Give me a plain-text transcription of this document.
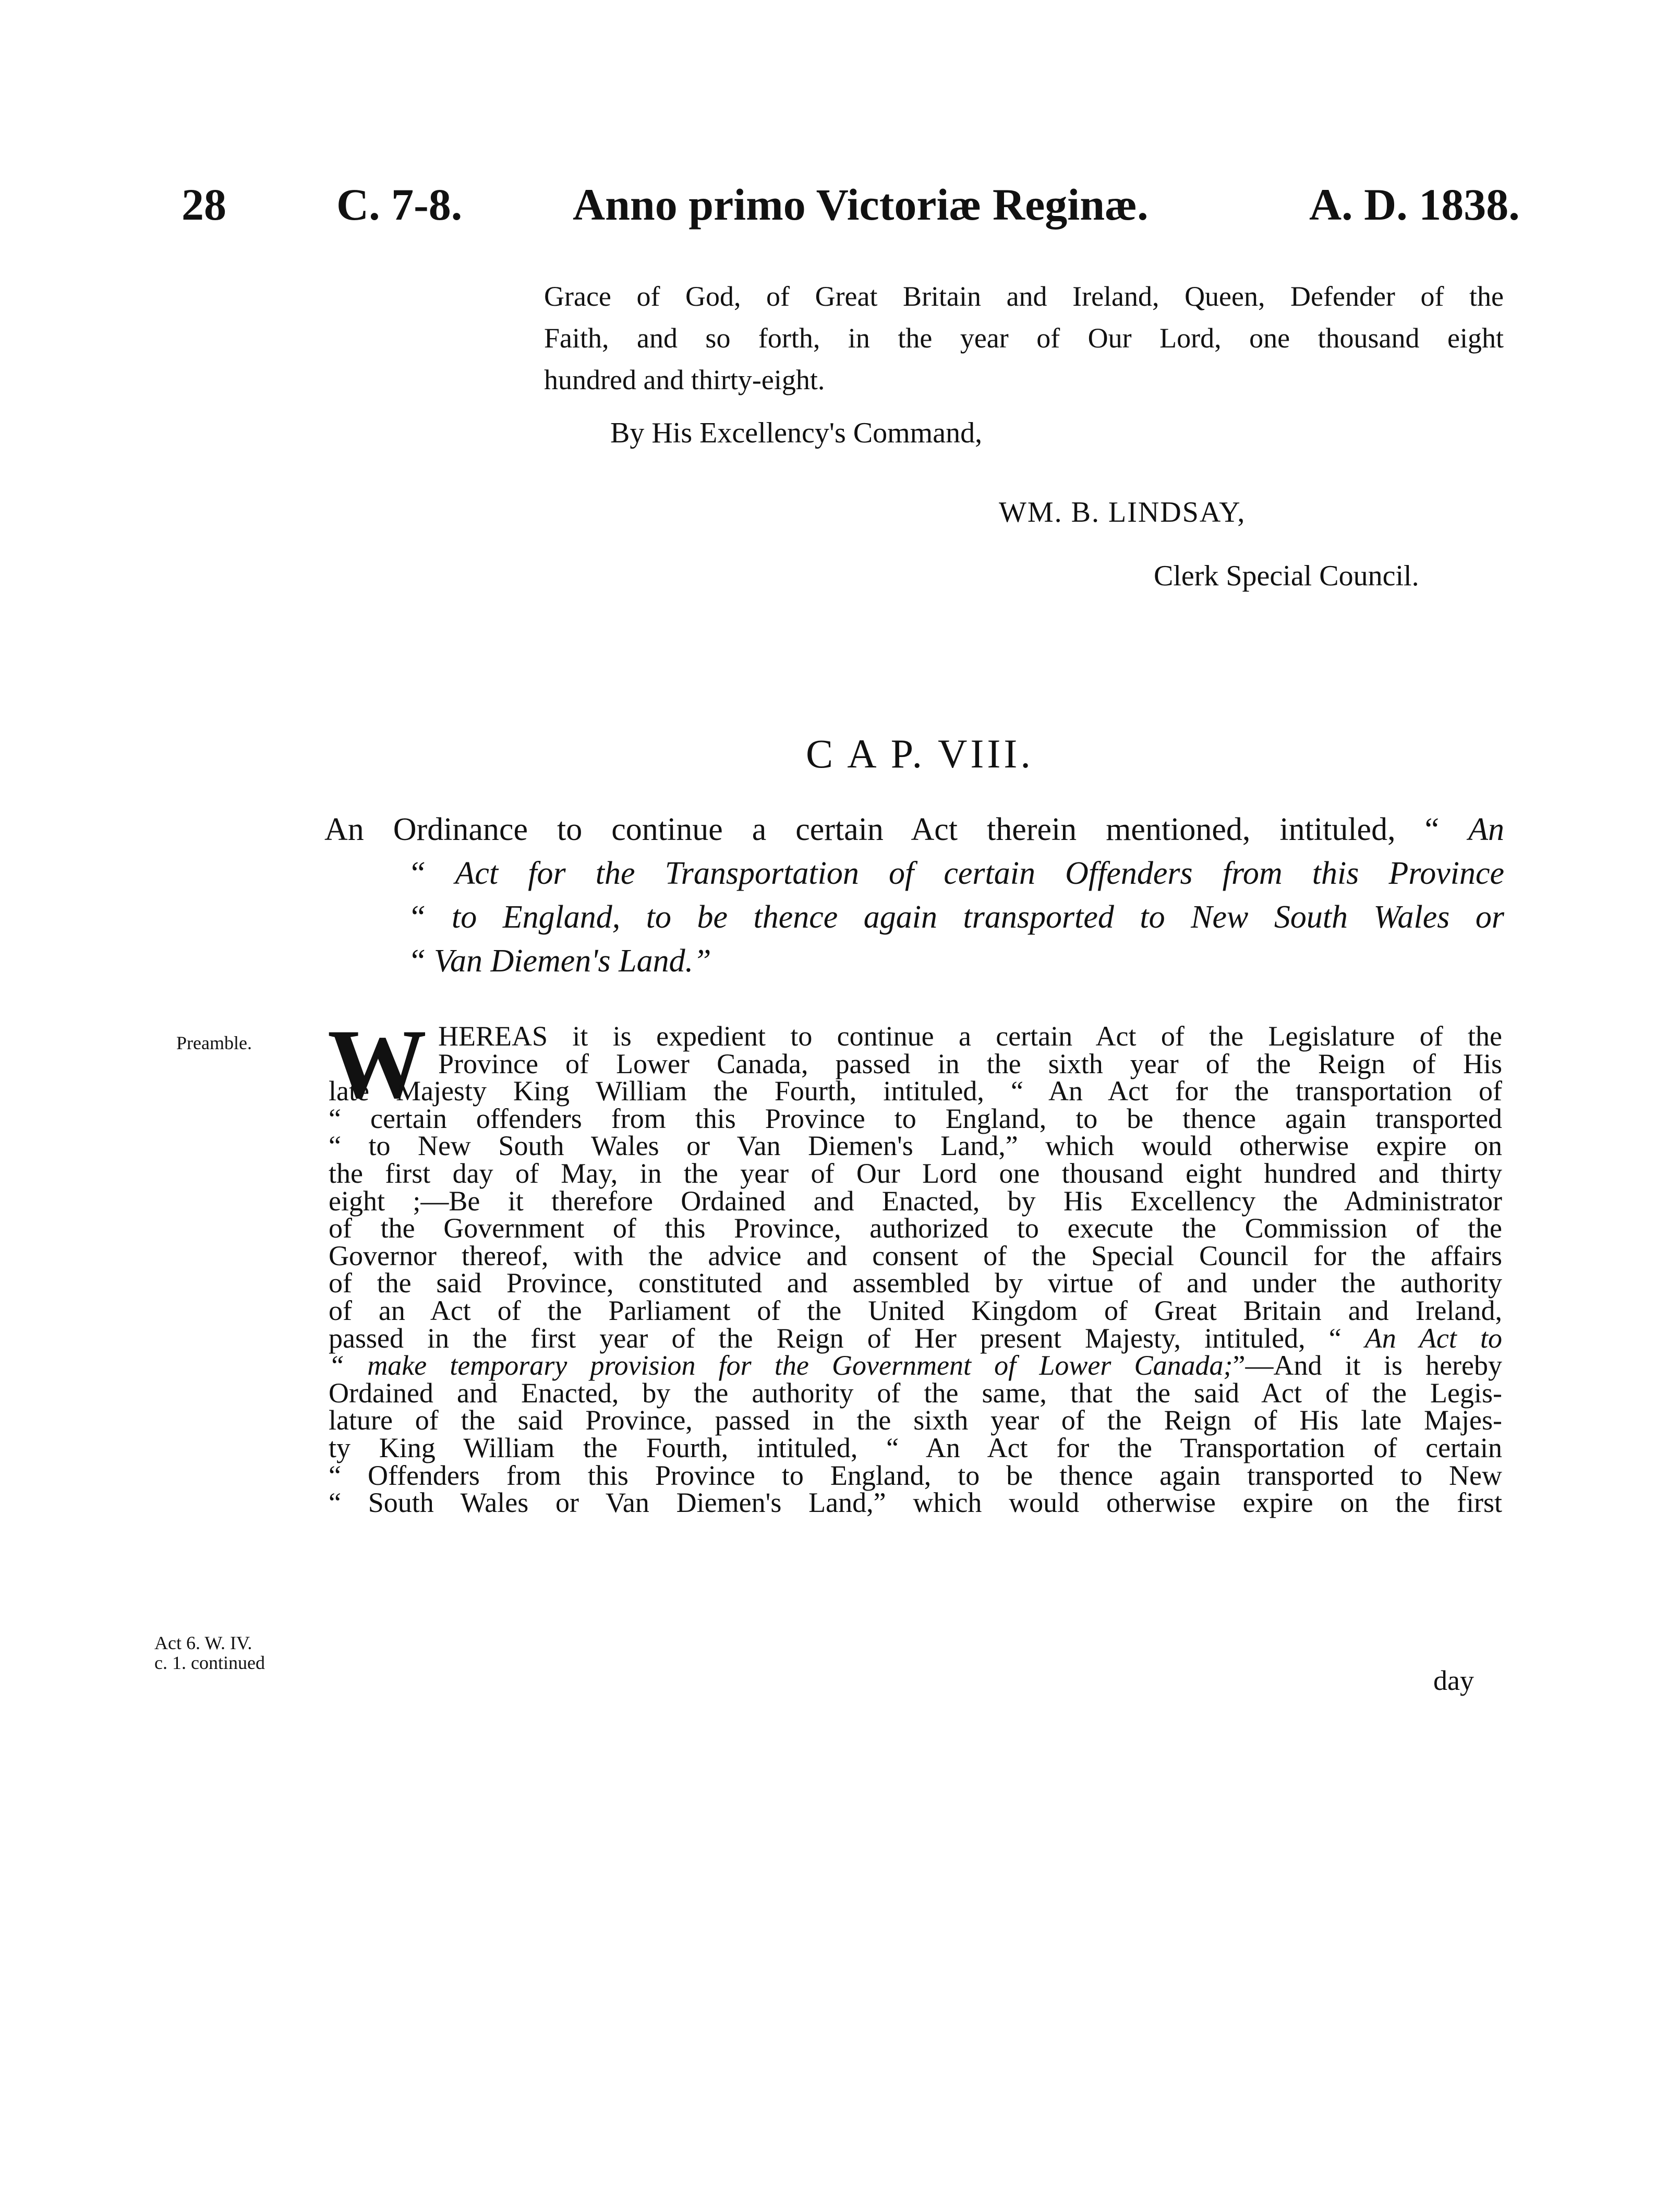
28 C. 7-8. Anno primo Victoriæ Reginæ.	A. D. 1838.
Grace of God, of Great Britain and Ireland, Queen, Defender of the
Faith, and so forth, in the year of Our Lord, one thousand eight
hundred and thirty-eight.
By His Excellency's Command,
WM. B. LINDSAY,
Clerk Special Council.
C A P. VIII.
An Ordinance to continue a certain Act therein mentioned, intituled, “ An
“ Act for the Transportation of certain Offenders from this Province
“ to England, to be thence again transported to New South Wales or
“ Van Diemen's Land.”
Preamble.
Act 6. W. IV.
c. 1. continued
W HEREAS it is expedient to continue a certain Act of the Legislature of the
Province of Lower Canada, passed in the sixth year of the Reign of His
late Majesty King William the Fourth, intituled, “ An Act for the transportation of
“ certain offenders from this Province to England, to be thence again transported
“ to New South Wales or Van Diemen's Land,” which would otherwise expire on
the first day of May, in the year of Our Lord one thousand eight hundred and thirty
eight ;—Be it therefore Ordained and Enacted, by His Excellency the Administrator
of the Government of this Province, authorized to execute the Commission of the
Governor thereof, with the advice and consent of the Special Council for the affairs
of the said Province, constituted and assembled by virtue of and under the authority
of an Act of the Parliament of the United Kingdom of Great Britain and Ireland,
passed in the first year of the Reign of Her present Majesty, intituled, “ An Act to
“ make temporary provision for the Government of Lower Canada;”—And it is hereby
Ordained and Enacted, by the authority of the same, that the said Act of the Legis-
lature of the said Province, passed in the sixth year of the Reign of His late Majes-
ty King William the Fourth, intituled, “ An Act for the Transportation of certain
“ Offenders from this Province to England, to be thence again transported to New
“ South Wales or Van Diemen's Land,” which would otherwise expire on the first
day
